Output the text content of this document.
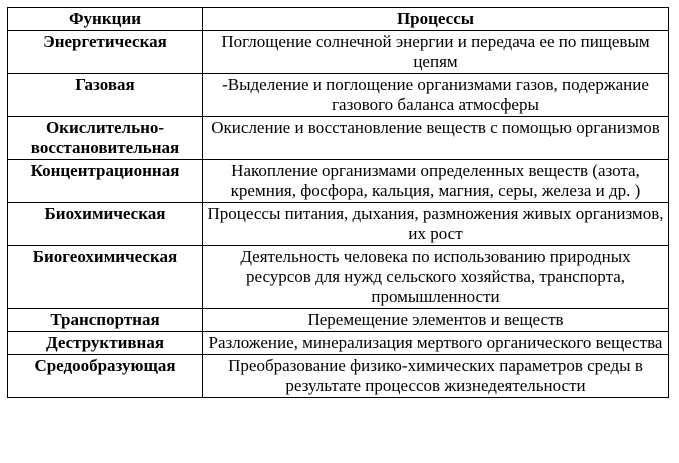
Функции	Процессы
Энергетическая	Поглощение солнечной энергии и передача ее по пищевым цепям
Газовая	-Выделение и поглощение организмами газов, подержание газового баланса атмосферы
Окислительно-восстановительная	Окисление и восстановление веществ с помощью организмов
Концентрационная	Накопление организмами определенных веществ (азота, кремния, фосфора, кальция, магния, серы, железа и др. )
Биохимическая	Процессы питания, дыхания, размножения живых организмов, их рост
Биогеохимическая	Деятельность человека по использованию природных ресурсов для нужд сельского хозяйства, транспорта, промышленности
Транспортная	Перемещение элементов и веществ
Деструктивная	Разложение, минерализация мертвого органического вещества
Средообразующая	Преобразование физико-химических параметров среды в результате процессов жизнедеятельности
